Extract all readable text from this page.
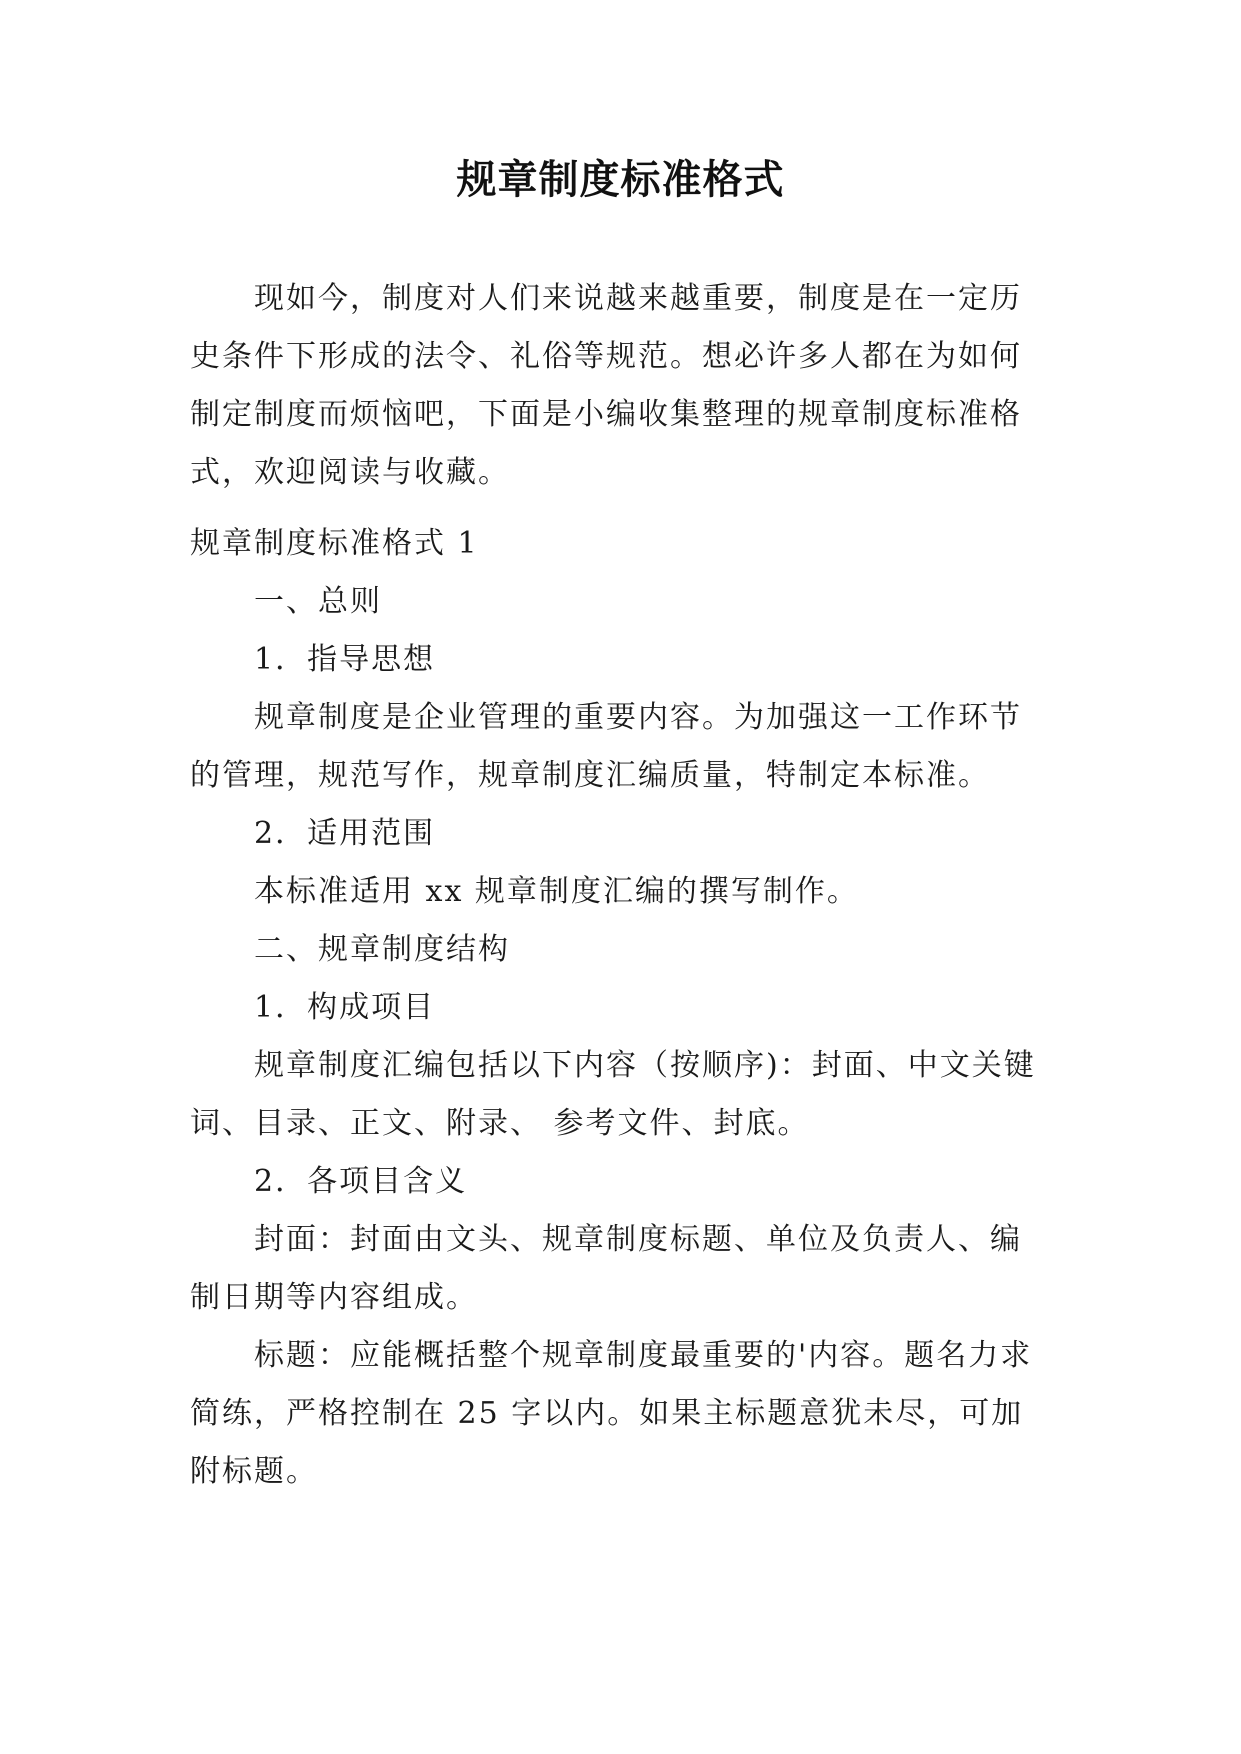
规章制度标准格式

现如今，制度对人们来说越来越重要，制度是在一定历史条件下形成的法令、礼俗等规范。想必许多人都在为如何制定制度而烦恼吧，下面是小编收集整理的规章制度标准格式，欢迎阅读与收藏。

规章制度标准格式 1

一、总则

1．指导思想

规章制度是企业管理的重要内容。为加强这一工作环节的管理，规范写作，规章制度汇编质量，特制定本标准。

2．适用范围

本标准适用 xx 规章制度汇编的撰写制作。

二、规章制度结构

1．构成项目

规章制度汇编包括以下内容（按顺序)：封面、中文关键词、目录、正文、附录、 参考文件、封底。

2．各项目含义

封面：封面由文头、规章制度标题、单位及负责人、编制日期等内容组成。

标题：应能概括整个规章制度最重要的'内容。题名力求简练，严格控制在 25 字以内。如果主标题意犹未尽，可加附标题。
